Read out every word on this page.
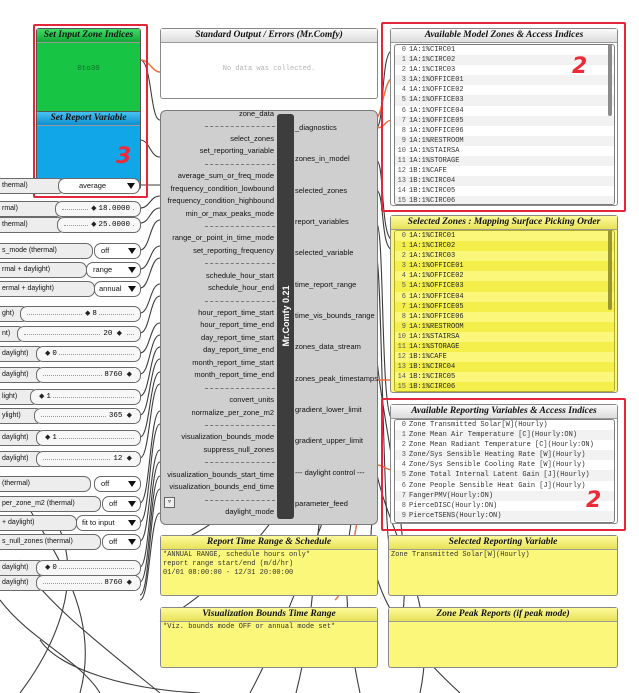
Set Input Zone Indices
0to30
Set Report Variable
3
Standard Output / Errors (Mr.Comfy)
No data was collected.
Mr.Comfy 0.21
▿
zone_data
select_zones
set_reporting_variable
average_sum_or_freq_mode
frequency_condition_lowbound
frequency_condition_highbound
min_or_max_peaks_mode
range_or_point_in_time_mode
set_reporting_frequency
schedule_hour_start
schedule_hour_end
hour_report_time_start
hour_report_time_end
day_report_time_start
day_report_time_end
month_report_time_start
month_report_time_end
convert_units
normalize_per_zone_m2
visualization_bounds_mode
suppress_null_zones
visualization_bounds_start_time
visualization_bounds_end_time
daylight_mode
_diagnostics
zones_in_model
selected_zones
report_variables
selected_variable
time_report_range
time_vis_bounds_range
zones_data_stream
zones_peak_timestamps
gradient_lower_limit
gradient_upper_limit
--- daylight control ---
parameter_feed
Available Model Zones & Access Indices
0 1A:1%CIRC01
1 1A:1%CIRC02
2 1A:1%CIRC03
3 1A:1%OFFICE01
4 1A:1%OFFICE02
5 1A:1%OFFICE03
6 1A:1%OFFICE04
7 1A:1%OFFICE05
8 1A:1%OFFICE06
9 1A:1%RESTROOM
10 1A:1%STAIRSA
11 1A:1%STORAGE
12 1B:1%CAFE
13 1B:1%CIRC04
14 1B:1%CIRC05
15 1B:1%CIRC06
2
Selected Zones : Mapping Surface Picking Order
0 1A:1%CIRC01
1 1A:1%CIRC02
2 1A:1%CIRC03
3 1A:1%OFFICE01
4 1A:1%OFFICE02
5 1A:1%OFFICE03
6 1A:1%OFFICE04
7 1A:1%OFFICE05
8 1A:1%OFFICE06
9 1A:1%RESTROOM
10 1A:1%STAIRSA
11 1A:1%STORAGE
12 1B:1%CAFE
13 1B:1%CIRC04
14 1B:1%CIRC05
15 1B:1%CIRC06
Available Reporting Variables & Access Indices
0 Zone Transmitted Solar[W](Hourly)
1 Zone Mean Air Temperature [C](Hourly:ON)
2 Zone Mean Radiant Temperature [C](Hourly:ON)
3 Zone/Sys Sensible Heating Rate [W](Hourly)
4 Zone/Sys Sensible Cooling Rate [W](Hourly)
5 Zone Total Internal Latent Gain [J](Hourly)
6 Zone People Sensible Heat Gain [J](Hourly)
7 FangerPMV(Hourly:ON)
8 PierceDISC(Hourly:ON)
9 PierceTSENS(Hourly:ON)
2
Report Time Range & Schedule
*ANNUAL RANGE, schedule hours only*
report range start/end (m/d/hr)
01/01 08:00:00 - 12/31 20:00:00
Selected Reporting Variable
Zone Transmitted Solar[W](Hourly)
Visualization Bounds Time Range
*Viz. bounds mode OFF or annual mode set*
Zone Peak Reports (if peak mode)
thermal)	average
rmal)	◆ 18.0000
thermal)	◆ 25.0000
s_mode (thermal)	off
rmal + daylight)	range
ermal + daylight)	annual
ght)	◆ 8
nt)	20 ◆
daylight)	◆ 0
daylight)	8760 ◆
light)	◆ 1
ylight)	365 ◆
daylight)	◆ 1
daylight)	12 ◆
(thermal)	off
per_zone_m2 (thermal)	off
+ daylight)	fit to input
s_null_zones (thermal)	off
daylight)	◆ 0
daylight)	8760 ◆
